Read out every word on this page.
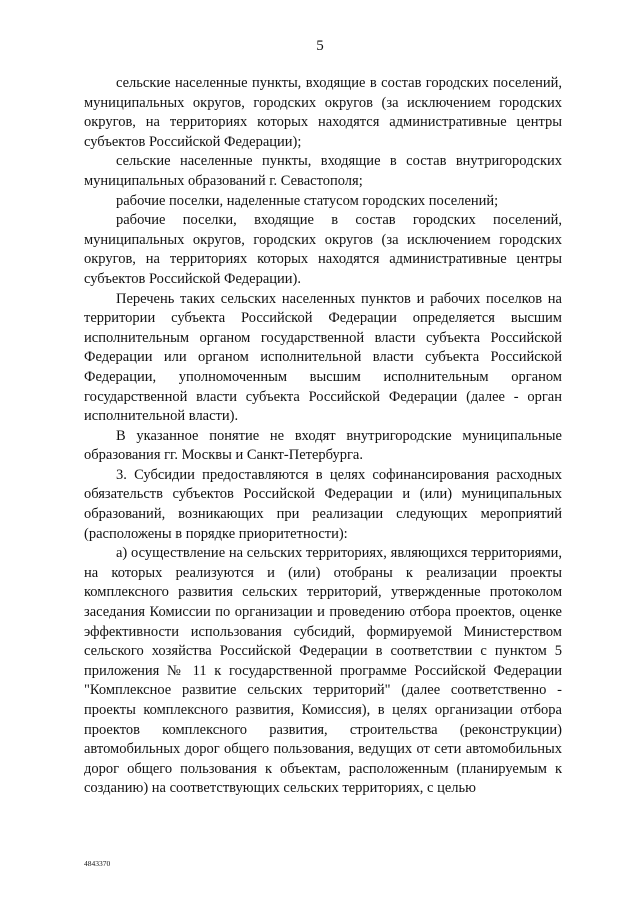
5

сельские населенные пункты, входящие в состав городских поселений, муниципальных округов, городских округов (за исключением городских округов, на территориях которых находятся административные центры субъектов Российской Федерации);

сельские населенные пункты, входящие в состав внутригородских муниципальных образований г. Севастополя;

рабочие поселки, наделенные статусом городских поселений;

рабочие поселки, входящие в состав городских поселений, муниципальных округов, городских округов (за исключением городских округов, на территориях которых находятся административные центры субъектов Российской Федерации).

Перечень таких сельских населенных пунктов и рабочих поселков на территории субъекта Российской Федерации определяется высшим исполнительным органом государственной власти субъекта Российской Федерации или органом исполнительной власти субъекта Российской Федерации, уполномоченным высшим исполнительным органом государственной власти субъекта Российской Федерации (далее - орган исполнительной власти).

В указанное понятие не входят внутригородские муниципальные образования гг. Москвы и Санкт-Петербурга.

3. Субсидии предоставляются в целях софинансирования расходных обязательств субъектов Российской Федерации и (или) муниципальных образований, возникающих при реализации следующих мероприятий (расположены в порядке приоритетности):

а) осуществление на сельских территориях, являющихся территориями, на которых реализуются и (или) отобраны к реализации проекты комплексного развития сельских территорий, утвержденные протоколом заседания Комиссии по организации и проведению отбора проектов, оценке эффективности использования субсидий, формируемой Министерством сельского хозяйства Российской Федерации в соответствии с пунктом 5 приложения № 11 к государственной программе Российской Федерации "Комплексное развитие сельских территорий" (далее соответственно - проекты комплексного развития, Комиссия), в целях организации отбора проектов комплексного развития, строительства (реконструкции) автомобильных дорог общего пользования, ведущих от сети автомобильных дорог общего пользования к объектам, расположенным (планируемым к созданию) на соответствующих сельских территориях, с целью

4843370
